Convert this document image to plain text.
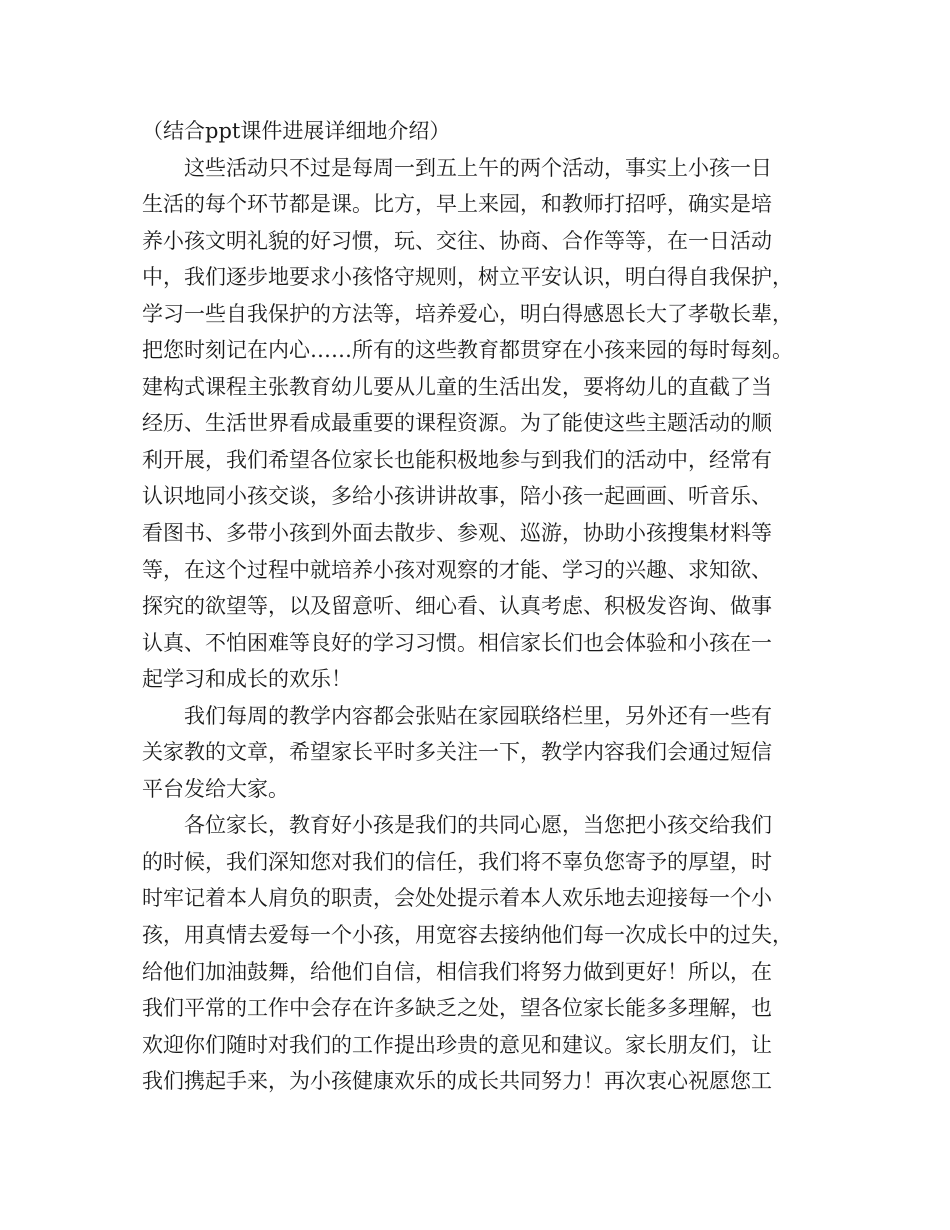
（结合ppt课件进展详细地介绍）
这些活动只不过是每周一到五上午的两个活动，事实上小孩一日
生活的每个环节都是课。比方，早上来园，和教师打招呼，确实是培
养小孩文明礼貌的好习惯，玩、交往、协商、合作等等，在一日活动
中，我们逐步地要求小孩恪守规则，树立平安认识，明白得自我保护，
学习一些自我保护的方法等，培养爱心，明白得感恩长大了孝敬长辈，
把您时刻记在内心……所有的这些教育都贯穿在小孩来园的每时每刻。
建构式课程主张教育幼儿要从儿童的生活出发，要将幼儿的直截了当
经历、生活世界看成最重要的课程资源。为了能使这些主题活动的顺
利开展，我们希望各位家长也能积极地参与到我们的活动中，经常有
认识地同小孩交谈，多给小孩讲讲故事，陪小孩一起画画、听音乐、
看图书、多带小孩到外面去散步、参观、巡游，协助小孩搜集材料等
等，在这个过程中就培养小孩对观察的才能、学习的兴趣、求知欲、
探究的欲望等，以及留意听、细心看、认真考虑、积极发咨询、做事
认真、不怕困难等良好的学习习惯。相信家长们也会体验和小孩在一
起学习和成长的欢乐！
我们每周的教学内容都会张贴在家园联络栏里，另外还有一些有
关家教的文章，希望家长平时多关注一下，教学内容我们会通过短信
平台发给大家。
各位家长，教育好小孩是我们的共同心愿，当您把小孩交给我们
的时候，我们深知您对我们的信任，我们将不辜负您寄予的厚望，时
时牢记着本人肩负的职责，会处处提示着本人欢乐地去迎接每一个小
孩，用真情去爱每一个小孩，用宽容去接纳他们每一次成长中的过失，
给他们加油鼓舞，给他们自信，相信我们将努力做到更好！所以，在
我们平常的工作中会存在许多缺乏之处，望各位家长能多多理解，也
欢迎你们随时对我们的工作提出珍贵的意见和建议。家长朋友们，让
我们携起手来，为小孩健康欢乐的成长共同努力！再次衷心祝愿您工
